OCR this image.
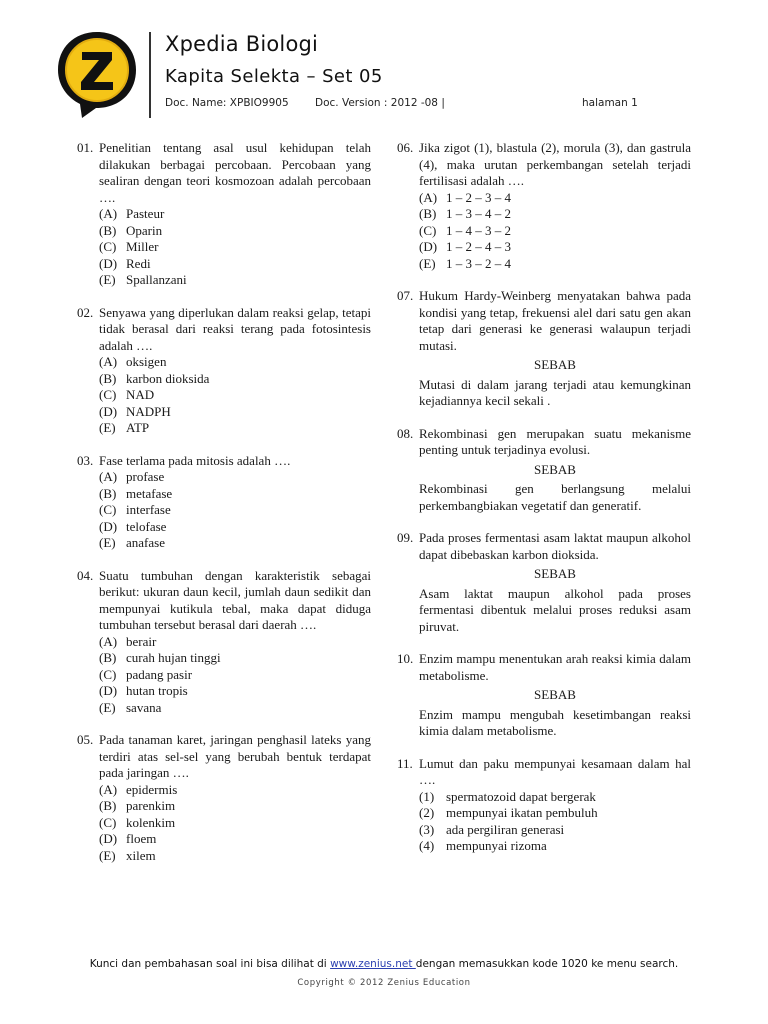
Xpedia Biologi
Kapita Selekta – Set 05
Doc. Name: XPBIO9905	Doc. Version : 2012 -08 |	halaman 1
01. Penelitian tentang asal usul kehidupan telah dilakukan berbagai percobaan. Percobaan yang sealiran dengan teori kosmozoan adalah percobaan ….
(A) Pasteur
(B) Oparin
(C) Miller
(D) Redi
(E) Spallanzani
02. Senyawa yang diperlukan dalam reaksi gelap, tetapi tidak berasal dari reaksi terang pada fotosintesis adalah ….
(A) oksigen
(B) karbon dioksida
(C) NAD
(D) NADPH
(E) ATP
03. Fase terlama pada mitosis adalah ….
(A) profase
(B) metafase
(C) interfase
(D) telofase
(E) anafase
04. Suatu tumbuhan dengan karakteristik sebagai berikut: ukuran daun kecil, jumlah daun sedikit dan mempunyai kutikula tebal, maka dapat diduga tumbuhan tersebut berasal dari daerah ….
(A) berair
(B) curah hujan tinggi
(C) padang pasir
(D) hutan tropis
(E) savana
05. Pada tanaman karet, jaringan penghasil lateks yang terdiri atas sel-sel yang berubah bentuk terdapat pada jaringan ….
(A) epidermis
(B) parenkim
(C) kolenkim
(D) floem
(E) xilem
06. Jika zigot (1), blastula (2), morula (3), dan gastrula (4), maka urutan perkembangan setelah terjadi fertilisasi adalah ….
(A) 1 – 2 – 3 – 4
(B) 1 – 3 – 4 – 2
(C) 1 – 4 – 3 – 2
(D) 1 – 2 – 4 – 3
(E) 1 – 3 – 2 – 4
07. Hukum Hardy-Weinberg menyatakan bahwa pada kondisi yang tetap, frekuensi alel dari satu gen akan tetap dari generasi ke generasi walaupun terjadi mutasi.
SEBAB
Mutasi di dalam jarang terjadi atau kemungkinan kejadiannya kecil sekali .
08. Rekombinasi gen merupakan suatu mekanisme penting untuk terjadinya evolusi.
SEBAB
Rekombinasi gen berlangsung melalui perkembangbiakan vegetatif dan generatif.
09. Pada proses fermentasi asam laktat maupun alkohol dapat dibebaskan karbon dioksida.
SEBAB
Asam laktat maupun alkohol pada proses fermentasi dibentuk melalui proses reduksi asam piruvat.
10. Enzim mampu menentukan arah reaksi kimia dalam metabolisme.
SEBAB
Enzim mampu mengubah kesetimbangan reaksi kimia dalam metabolisme.
11. Lumut dan paku mempunyai kesamaan dalam hal ….
(1) spermatozoid dapat bergerak
(2) mempunyai ikatan pembuluh
(3) ada pergiliran generasi
(4) mempunyai rizoma
Kunci dan pembahasan soal ini bisa dilihat di www.zenius.net dengan memasukkan kode 1020 ke menu search.
Copyright © 2012 Zenius Education
